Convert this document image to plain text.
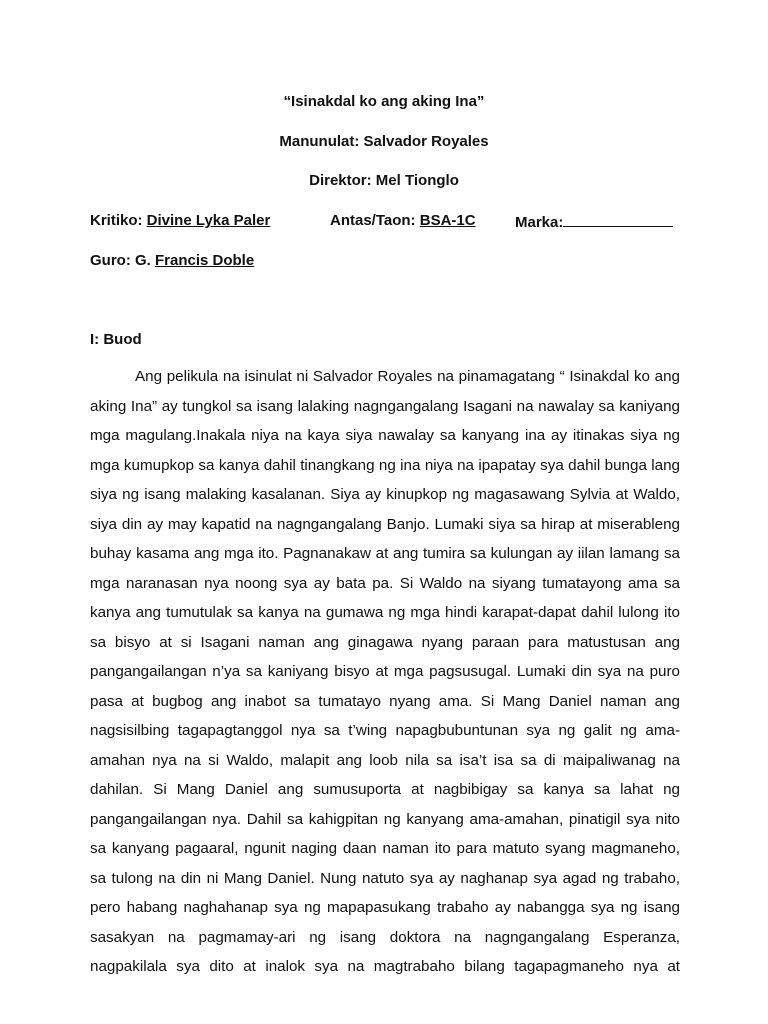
“Isinakdal ko ang aking Ina”
Manunulat: Salvador Royales
Direktor: Mel Tionglo
Kritiko: Divine Lyka Paler	Antas/Taon: BSA-1C	Marka:
Guro: G. Francis Doble
I: Buod
Ang pelikula na isinulat ni Salvador Royales na pinamagatang “ Isinakdal ko ang
aking Ina” ay tungkol sa isang lalaking nagngangalang Isagani na nawalay sa kaniyang
mga magulang.Inakala niya na kaya siya nawalay sa kanyang ina ay itinakas siya ng
mga kumupkop sa kanya dahil tinangkang ng ina niya na ipapatay sya dahil bunga lang
siya ng isang malaking kasalanan. Siya ay kinupkop ng magasawang Sylvia at Waldo,
siya din ay may kapatid na nagngangalang Banjo. Lumaki siya sa hirap at miserableng
buhay kasama ang mga ito. Pagnanakaw at ang tumira sa kulungan ay iilan lamang sa
mga naranasan nya noong sya ay bata pa. Si Waldo na siyang tumatayong ama sa
kanya ang tumutulak sa kanya na gumawa ng mga hindi karapat-dapat dahil lulong ito
sa bisyo at si Isagani naman ang ginagawa nyang paraan para matustusan ang
pangangailangan n’ya sa kaniyang bisyo at mga pagsusugal. Lumaki din sya na puro
pasa at bugbog ang inabot sa tumatayo nyang ama. Si Mang Daniel naman ang
nagsisilbing tagapagtanggol nya sa t’wing napagbubuntunan sya ng galit ng ama-
amahan nya na si Waldo, malapit ang loob nila sa isa’t isa sa di maipaliwanag na
dahilan. Si Mang Daniel ang sumusuporta at nagbibigay sa kanya sa lahat ng
pangangailangan nya. Dahil sa kahigpitan ng kanyang ama-amahan, pinatigil sya nito
sa kanyang pagaaral, ngunit naging daan naman ito para matuto syang magmaneho,
sa tulong na din ni Mang Daniel. Nung natuto sya ay naghanap sya agad ng trabaho,
pero habang naghahanap sya ng mapapasukang trabaho ay nabangga sya ng isang
sasakyan na pagmamay-ari ng isang doktora na nagngangalang Esperanza,
nagpakilala sya dito at inalok sya na magtrabaho bilang tagapagmaneho nya at
